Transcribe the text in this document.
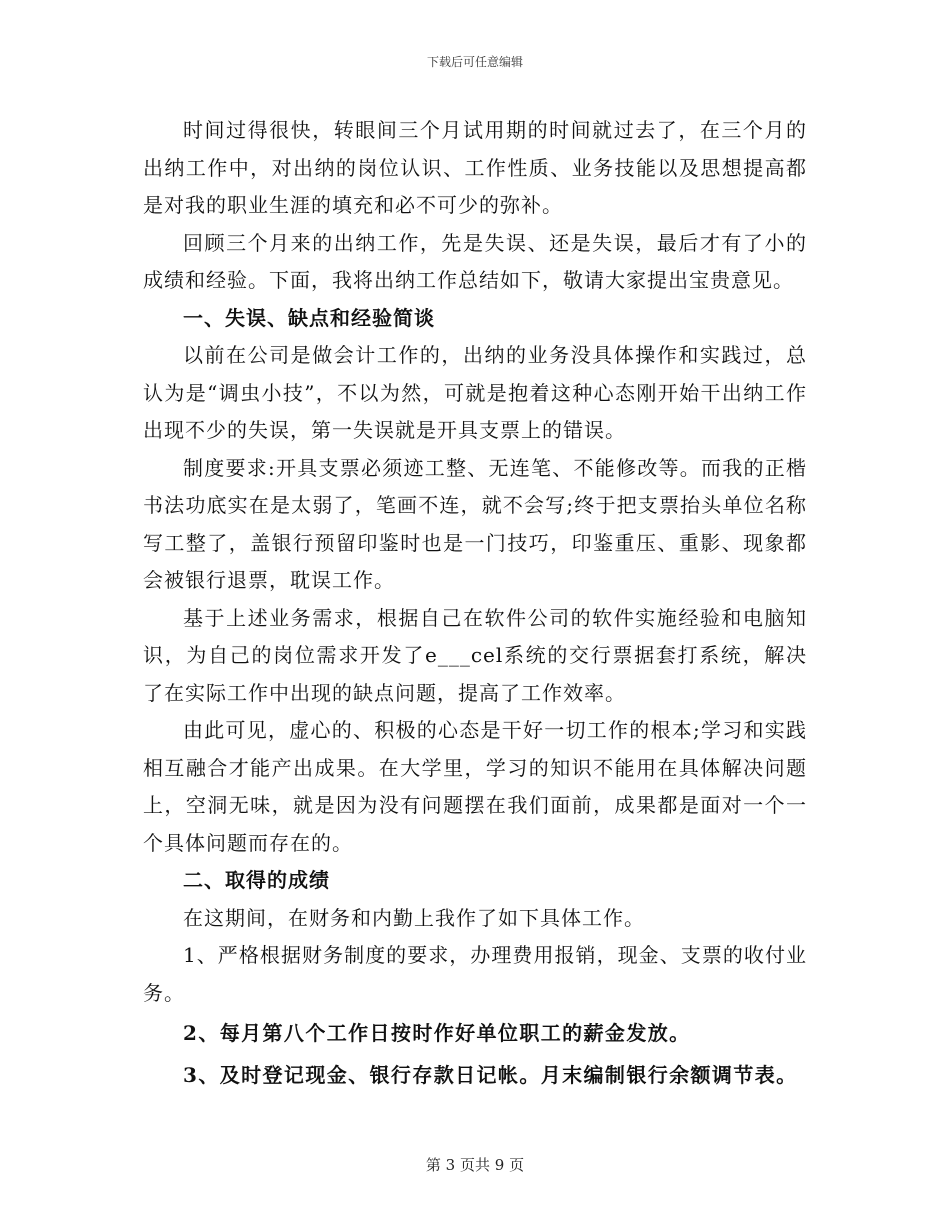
下载后可任意编辑

时间过得很快，转眼间三个月试用期的时间就过去了，在三个月的出纳工作中，对出纳的岗位认识、工作性质、业务技能以及思想提高都是对我的职业生涯的填充和必不可少的弥补。

回顾三个月来的出纳工作，先是失误、还是失误，最后才有了小的成绩和经验。下面，我将出纳工作总结如下，敬请大家提出宝贵意见。

一、失误、缺点和经验简谈

以前在公司是做会计工作的，出纳的业务没具体操作和实践过，总认为是“调虫小技”，不以为然，可就是抱着这种心态刚开始干出纳工作出现不少的失误，第一失误就是开具支票上的错误。

制度要求:开具支票必须迹工整、无连笔、不能修改等。而我的正楷书法功底实在是太弱了，笔画不连，就不会写;终于把支票抬头单位名称写工整了，盖银行预留印鉴时也是一门技巧，印鉴重压、重影、现象都会被银行退票，耽误工作。

基于上述业务需求，根据自己在软件公司的软件实施经验和电脑知识，为自己的岗位需求开发了e___cel系统的交行票据套打系统，解决了在实际工作中出现的缺点问题，提高了工作效率。

由此可见，虚心的、积极的心态是干好一切工作的根本;学习和实践相互融合才能产出成果。在大学里，学习的知识不能用在具体解决问题上，空洞无味，就是因为没有问题摆在我们面前，成果都是面对一个一个具体问题而存在的。

二、取得的成绩

在这期间，在财务和内勤上我作了如下具体工作。

1、严格根据财务制度的要求，办理费用报销，现金、支票的收付业务。

2、每月第八个工作日按时作好单位职工的薪金发放。

3、及时登记现金、银行存款日记帐。月末编制银行余额调节表。

第 3 页共 9 页
